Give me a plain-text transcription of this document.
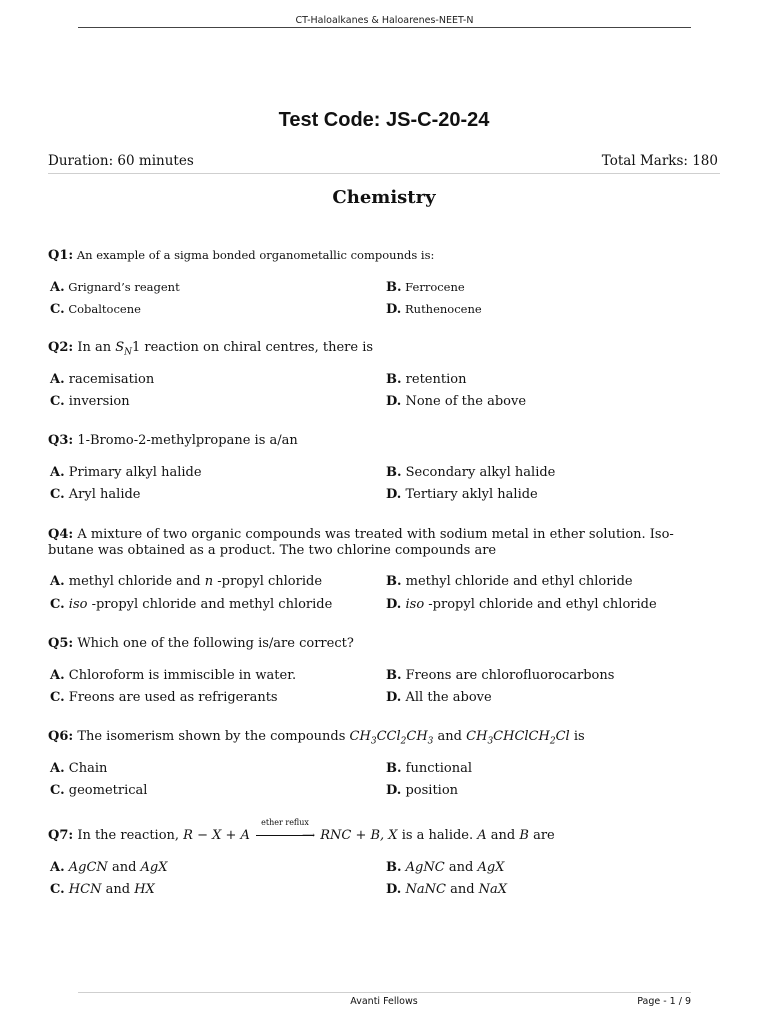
CT-Haloalkanes & Haloarenes-NEET-N
Test Code: JS-C-20-24
Duration: 60 minutes	Total Marks: 180
Chemistry
Q1: An example of a sigma bonded organometallic compounds is:
A. Grignard’s reagent	B. Ferrocene
C. Cobaltocene	D. Ruthenocene
Q2: In an $S_N1$ reaction on chiral centres, there is
A. racemisation	B. retention
C. inversion	D. None of the above
Q3: 1-Bromo-2-methylpropane is a/an
A. Primary alkyl halide	B. Secondary alkyl halide
C. Aryl halide	D. Tertiary aklyl halide
Q4: A mixture of two organic compounds was treated with sodium metal in ether solution. Iso-butane was obtained as a product. The two chlorine compounds are
A. methyl chloride and n -propyl chloride	B. methyl chloride and ethyl chloride
C. iso -propyl chloride and methyl chloride	D. iso -propyl chloride and ethyl chloride
Q5: Which one of the following is/are correct?
A. Chloroform is immiscible in water.	B. Freons are chlorofluorocarbons
C. Freons are used as refrigerants	D. All the above
Q6: The isomerism shown by the compounds $CH_3CCl_2CH_3$ and $CH_3CHClCH_2Cl$ is
A. Chain	B. functional
C. geometrical	D. position
Q7: In the reaction, R − X + A
ether reflux
⟶ RNC + B, X is a halide. A and B are
A. AgCN and AgX	B. AgNC and AgX
C. HCN and HX	D. NaNC and NaX
Avanti Fellows	Page - 1 / 9
